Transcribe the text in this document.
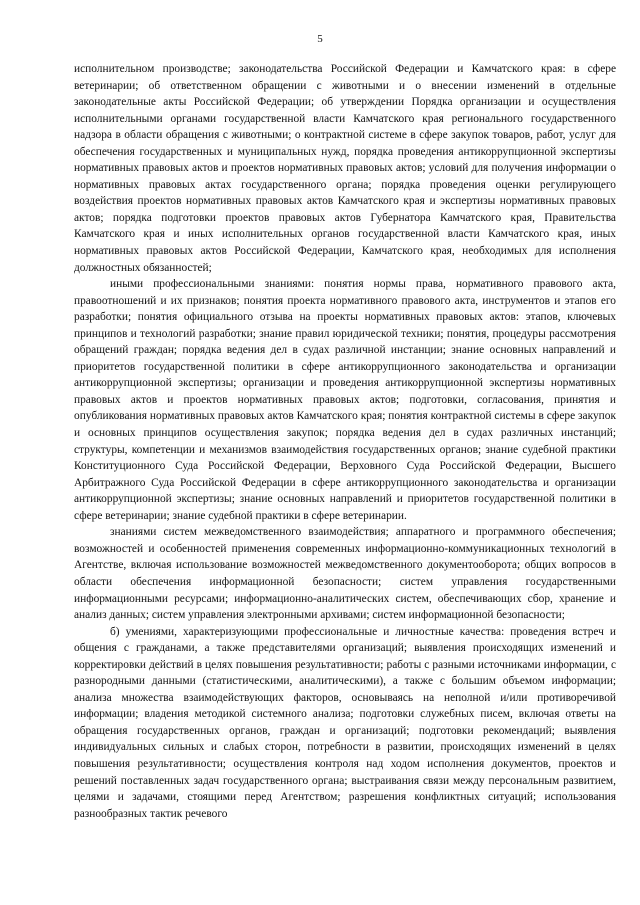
5

исполнительном производстве; законодательства Российской Федерации и Камчатского края: в сфере ветеринарии; об ответственном обращении с животными и о внесении изменений в отдельные законодательные акты Российской Федерации; об утверждении Порядка организации и осуществления исполнительными органами государственной власти Камчатского края регионального государственного надзора в области обращения с животными; о контрактной системе в сфере закупок товаров, работ, услуг для обеспечения государственных и муниципальных нужд, порядка проведения антикоррупционной экспертизы нормативных правовых актов и проектов нормативных правовых актов; условий для получения информации о нормативных правовых актах государственного органа; порядка проведения оценки регулирующего воздействия проектов нормативных правовых актов Камчатского края и экспертизы нормативных правовых актов; порядка подготовки проектов правовых актов Губернатора Камчатского края, Правительства Камчатского края и иных исполнительных органов государственной власти Камчатского края, иных нормативных правовых актов Российской Федерации, Камчатского края, необходимых для исполнения должностных обязанностей;

иными профессиональными знаниями: понятия нормы права, нормативного правового акта, правоотношений и их признаков; понятия проекта нормативного правового акта, инструментов и этапов его разработки; понятия официального отзыва на проекты нормативных правовых актов: этапов, ключевых принципов и технологий разработки; знание правил юридической техники; понятия, процедуры рассмотрения обращений граждан; порядка ведения дел в судах различной инстанции; знание основных направлений и приоритетов государственной политики в сфере антикоррупционного законодательства и организации антикоррупционной экспертизы; организации и проведения антикоррупционной экспертизы нормативных правовых актов и проектов нормативных правовых актов; подготовки, согласования, принятия и опубликования нормативных правовых актов Камчатского края; понятия контрактной системы в сфере закупок и основных принципов осуществления закупок; порядка ведения дел в судах различных инстанций; структуры, компетенции и механизмов взаимодействия государственных органов; знание судебной практики Конституционного Суда Российской Федерации, Верховного Суда Российской Федерации, Высшего Арбитражного Суда Российской Федерации в сфере антикоррупционного законодательства и организации антикоррупционной экспертизы; знание основных направлений и приоритетов государственной политики в сфере ветеринарии; знание судебной практики в сфере ветеринарии.

знаниями систем межведомственного взаимодействия; аппаратного и программного обеспечения; возможностей и особенностей применения современных информационно-коммуникационных технологий в Агентстве, включая использование возможностей межведомственного документооборота; общих вопросов в области обеспечения информационной безопасности; систем управления государственными информационными ресурсами; информационно-аналитических систем, обеспечивающих сбор, хранение и анализ данных; систем управления электронными архивами; систем информационной безопасности;

б) умениями, характеризующими профессиональные и личностные качества: проведения встреч и общения с гражданами, а также представителями организаций; выявления происходящих изменений и корректировки действий в целях повышения результативности; работы с разными источниками информации, с разнородными данными (статистическими, аналитическими), а также с большим объемом информации; анализа множества взаимодействующих факторов, основываясь на неполной и/или противоречивой информации; владения методикой системного анализа; подготовки служебных писем, включая ответы на обращения государственных органов, граждан и организаций; подготовки рекомендаций; выявления индивидуальных сильных и слабых сторон, потребности в развитии, происходящих изменений в целях повышения результативности; осуществления контроля над ходом исполнения документов, проектов и решений поставленных задач государственного органа; выстраивания связи между персональным развитием, целями и задачами, стоящими перед Агентством; разрешения конфликтных ситуаций; использования разнообразных тактик речевого
